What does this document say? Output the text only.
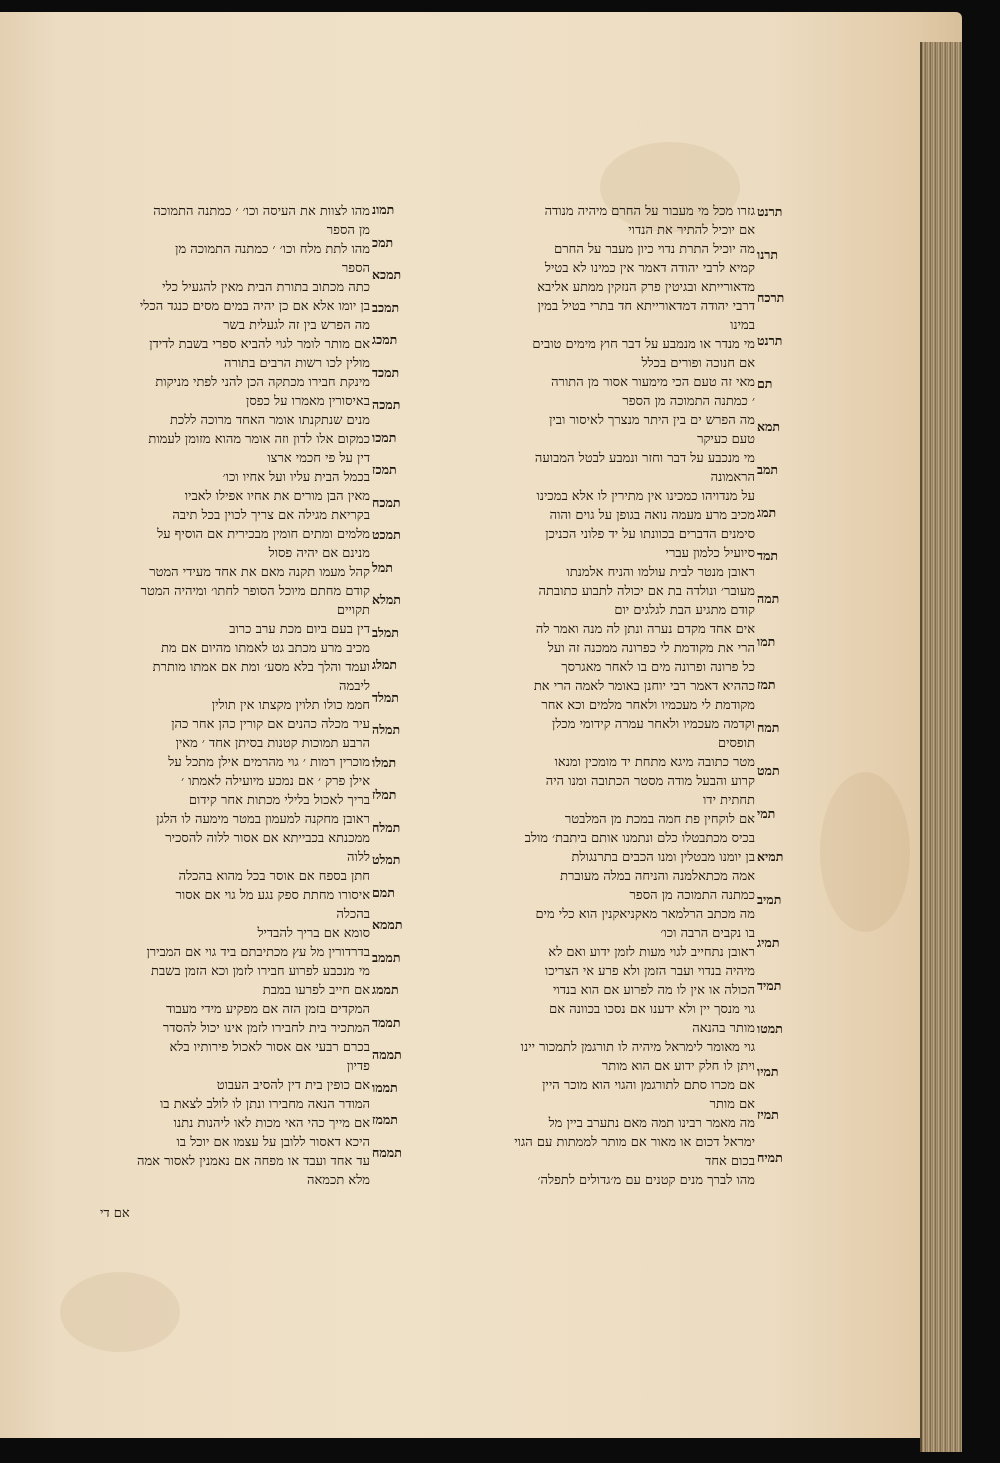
מהו לצוות את העיסה וכו׳ ׳ כמתנה התמוכה
מן הספר
מהו לתת מלח וכו׳ ׳ כמתנה התמוכה מן
הספר
כתה מכתוב בתורת הבית מאין להגעיל כלי
בן יומו אלא אם כן יהיה במים מסים כנגד הכלי
מה הפרש בין זה לגעלית בשר
אם מותר לומר לגוי להביא ספרי בשבת לדידן
מולין לכו רשות הרבים בתורה
מינקת חבירו מכתקה הכן להני לפתי מניקות
באיסורין מאמרו על כפסן
מנים שנתקנתו אומר האחד מרוכה ללכת
כמקום אלו לדון וזה אומר מהוא מזומן לעמות
דין על פי חכמי ארצו
בכמל הבית עליו ועל אחיו וכו׳
מאין הבן מורים את אחיו אפילו לאביו
בקריאת מגילה אם צריך לכוין בכל תיבה
מלמים ומתים חומין מבכירית אם הוסיף על
מנינם אם יהיה פסול
קהל מעמו תקנה מאם את אחד מעידי המטר
קודם מחתם מיוכל הסופר לחתו׳ ומיהיה המטר
תקויים
דין בעם ביום מכת ערב כרוב
מכיב מרע מכתב גט לאמתו מהיום אם מת
ועמד והלך בלא מסע׳ ומת אם אמתו מותרת
ליבמה
חממ כולו תלוין מקצתו אין תולין
עיר מכלה כהנים אם קורין כהן אחר כהן
הרבע תמוכות קטנות בסיתן אחד ׳ מאין
מוכרין רמות ׳ גוי מהרמים אילן מתכל על
אילן פרק ׳ אם נמכע מיועילה לאמתו ׳
בריך לאכול בלילי מכתות אחר קידום
ראובן מחקנה למעמון במטר מימעה לו הלגן
ממכנתא בכבייתא אם אסור ללוה להסכיר
ללוה
חתן בספח אם אוסר בכל מהוא בהכלה
איסורו מחתת ספק נגע מל גוי אם אסור
בהכלה
סומא אם בריך להבדיל
בדרדורין מל עץ מכתיבתם ביד גוי אם המבירן
מי מנכבע לפרוע חבירו לזמן וכא הזמן בשבת
אם חייב לפרעו במבת
המקדים בזמן הזה אם מפקיע מידי מעבוד
המתכיר בית לחבירו לזמן אינו יכול להסדר
בכרם רבעי אם אסור לאכול פירותיו בלא
פדיון
אם כופין בית דין להסיב העבוט
המודר הנאה מחבירו ונתן לו לולב לצאת בו
אם מייך כהי האי מכות לאו ליהנות נתנו
היכא דאסור ללובן על עצמו אם יוכל בו
עד אחד ועבד או מפחה אם נאמנין לאסור אמה
מלא תכמאה
גזרו מכל מי מעבור על החרם מיהיה מנודה
אם יוכיל להתיר את הנדוי
מה יוכיל התרת נדוי כיון מעבר על החרם
קמיא לרבי יהודה דאמר אין כמינו לא בטיל
מדאורייתא ובגיטין פרק הנזקין ממתע אליבא
דרבי יהודה דמדאורייתא חד בתרי בטיל במין
במינו
מי מנדר או מנמבע על דבר חוץ מימים טובים
אם חנוכה ופורים בכלל
מאי זה טעם הכי מימעור אסור מן התורה
׳ כמתנה התמוכה מן הספר
מה הפרש ים בין היתר מנצרך לאיסור ובין
טעם כעיקר
מי מנכבע על דבר וחזר ונמבע לבטל המבועה
הראמונה
על מנדויהו כמכינו אין מתירין לו אלא במכינו
מכיב מרע מעמה נואה בגופן על גוים והוה
סימנים הדברים בכוונתו על יד פלוני הכניכן
סיועיל כלמון עברי
ראובן מנטר לבית עולמו והניח אלמנתו
מעובר׳ ונולדה בת אם יכולה לתבוע כתובתה
קודם מתגיע הבת לגלגים יום
אים אחד מקדם נערה ונתן לה מנה ואמר לה
הרי את מקודמת לי כפרונה ממכנה זה ועל
כל פרונה ופרונה מים בו לאחר מאגרסך
כההיא דאמר רבי יוחנן באומר לאמה הרי את
מקודמת לי מעכמיו ולאחר מלמים וכא אחר
וקדמה מעכמיו ולאחר עמרה קידומי מכלן
תופסים
מטר כתובה מיגא מתחת יד מומכין ומנאו
קרוע והבעל מודה מסטר הכתובה ומנו היה
תחתית ידו
אם לוקחין פת חמה במכת מן המלבטר
בכיס מכתבטלו כלם ונתמנו אותם ביתבת׳ מולב
בן יומנו מבטלין ומנו הכבים בתרנגולת
אמה מכתאלמנה והניחה במלה מעוברת
כמתנה התמוכה מן הספר
מה מכתב הרלמאר מאקניאקנין הוא כלי מים
בו נקבים הרבה וכו׳
ראובן נתחייב לגוי מעות לזמן ידוע ואם לא
מיהיה בנדוי ועבר הזמן ולא פרע אי הצריכו
הכולה או אין לו מה לפרוע אם הוא בנדוי
גוי מנסך יין ולא ידענו אם נסכו בכוונה אם
מותר בהנאה
גוי מאומר לימראל מיהיה לו תורגמן לתמכור יינו
ויתן לו חלק ידוע אם הוא מותר
אם מכרו סתם לתורגמן והגוי הוא מוכר היין
אם מותר
מה מאמר רבינו תמה מאם נתערב ביין מל
ימראל דכום או מאור אם מותר לממתות עם הגוי
בכום אחד
מהו לברך מנים קטנים עם מ׳גדולים לתפלה׳
תמונ
תמכ
תמכא
תמכב
תמכג
תמכד
תמכה
תמכו
תמכז
תמכח
תמכט
תמל
תמלא
תמלב
תמלג
תמלד
תמלה
תמלו
תמלז
תמלח
תמלט
תמם
תממא
תממב
תממג
תממד
תממה
תממו
תממז
תממח
תרנט
תרנו
תרכח
תרנט
תם
תמא
תמב
תמג
תמד
תמה
תמו
תמז
תמח
תמט
תמי
תמיא
תמיב
תמיג
תמיד
תמטו
תמיו
תמיז
תמיח
אם די
